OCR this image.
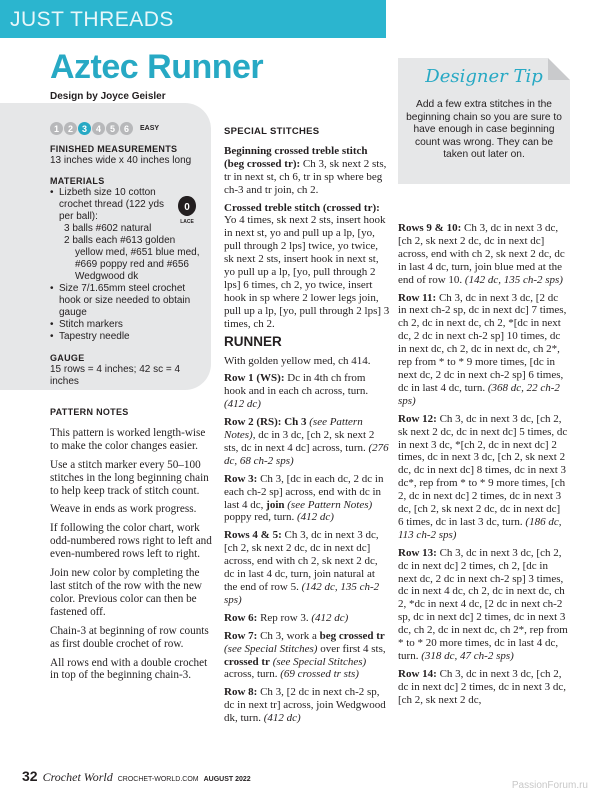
JUST THREADS
Aztec Runner
Design by Joyce Geisler
1 2 3 4 5 6	EASY
FINISHED MEASUREMENTS
13 inches wide x 40 inches long
MATERIALS
• Lizbeth size 10 cotton
crochet thread (122 yds
per ball):
3 balls #602 natural
2 balls each #613 golden
yellow med, #651 blue med,
#669 poppy red and #656
Wedgwood dk
• Size 7/1.65mm steel crochet
hook or size needed to obtain
gauge
• Stitch markers
• Tapestry needle
GAUGE
15 rows = 4 inches; 42 sc = 4 inches
0
LACE
PATTERN NOTES

This pattern is worked length-wise to make the color changes easier.

Use a stitch marker every 50–100 stitches in the long beginning chain to help keep track of stitch count.

Weave in ends as work progress.

If following the color chart, work odd-numbered rows right to left and even-numbered rows left to right.

Join new color by completing the last stitch of the row with the new color. Previous color can then be fastened off.

Chain-3 at beginning of row counts as first double crochet of row.

All rows end with a double crochet in top of the beginning chain-3.

SPECIAL STITCHES

Beginning crossed treble stitch (beg crossed tr): Ch 3, sk next 2 sts, tr in next st, ch 6, tr in sp where beg ch-3 and tr join, ch 2.

Crossed treble stitch (crossed tr): Yo 4 times, sk next 2 sts, insert hook in next st, yo and pull up a lp, [yo, pull through 2 lps] twice, yo twice, sk next 2 sts, insert hook in next st, yo pull up a lp, [yo, pull through 2 lps] 6 times, ch 2, yo twice, insert hook in sp where 2 lower legs join, pull up a lp, [yo, pull through 2 lps] 3 times, ch 2.

RUNNER

With golden yellow med, ch 414.

Row 1 (WS): Dc in 4th ch from hook and in each ch across, turn. (412 dc)

Row 2 (RS): Ch 3 (see Pattern Notes), dc in 3 dc, [ch 2, sk next 2 sts, dc in next 4 dc] across, turn. (276 dc, 68 ch-2 sps)

Row 3: Ch 3, [dc in each dc, 2 dc in each ch-2 sp] across, end with dc in last 4 dc, join (see Pattern Notes) poppy red, turn. (412 dc)

Rows 4 & 5: Ch 3, dc in next 3 dc, [ch 2, sk next 2 dc, dc in next dc] across, end with ch 2, sk next 2 dc, dc in last 4 dc, turn, join natural at the end of row 5. (142 dc, 135 ch-2 sps)

Row 6: Rep row 3. (412 dc)

Row 7: Ch 3, work a beg crossed tr (see Special Stitches) over first 4 sts, crossed tr (see Special Stitches) across, turn. (69 crossed tr sts)

Row 8: Ch 3, [2 dc in next ch-2 sp, dc in next tr] across, join Wedgwood dk, turn. (412 dc)

Designer Tip
Add a few extra stitches in the beginning chain so you are sure to have enough in case beginning count was wrong. They can be taken out later on.

Rows 9 & 10: Ch 3, dc in next 3 dc, [ch 2, sk next 2 dc, dc in next dc] across, end with ch 2, sk next 2 dc, dc in last 4 dc, turn, join blue med at the end of row 10. (142 dc, 135 ch-2 sps)

Row 11: Ch 3, dc in next 3 dc, [2 dc in next ch-2 sp, dc in next dc] 7 times, ch 2, dc in next dc, ch 2, *[dc in next dc, 2 dc in next ch-2 sp] 10 times, dc in next dc, ch 2, dc in next dc, ch 2*, rep from * to * 9 more times, [dc in next dc, 2 dc in next ch-2 sp] 6 times, dc in last 4 dc, turn. (368 dc, 22 ch-2 sps)

Row 12: Ch 3, dc in next 3 dc, [ch 2, sk next 2 dc, dc in next dc] 5 times, dc in next 3 dc, *[ch 2, dc in next dc] 2 times, dc in next 3 dc, [ch 2, sk next 2 dc, dc in next dc] 8 times, dc in next 3 dc*, rep from * to * 9 more times, [ch 2, dc in next dc] 2 times, dc in next 3 dc, [ch 2, sk next 2 dc, dc in next dc] 6 times, dc in last 3 dc, turn. (186 dc, 113 ch-2 sps)

Row 13: Ch 3, dc in next 3 dc, [ch 2, dc in next dc] 2 times, ch 2, [dc in next dc, 2 dc in next ch-2 sp] 3 times, dc in next 4 dc, ch 2, dc in next dc, ch 2, *dc in next 4 dc, [2 dc in next ch-2 sp, dc in next dc] 2 times, dc in next 3 dc, ch 2, dc in next dc, ch 2*, rep from * to * 20 more times, dc in last 4 dc, turn. (318 dc, 47 ch-2 sps)

Row 14: Ch 3, dc in next 3 dc, [ch 2, dc in next dc] 2 times, dc in next 3 dc, [ch 2, sk next 2 dc,

32 Crochet World CROCHET-WORLD.COM AUGUST 2022
PassionForum.ru
